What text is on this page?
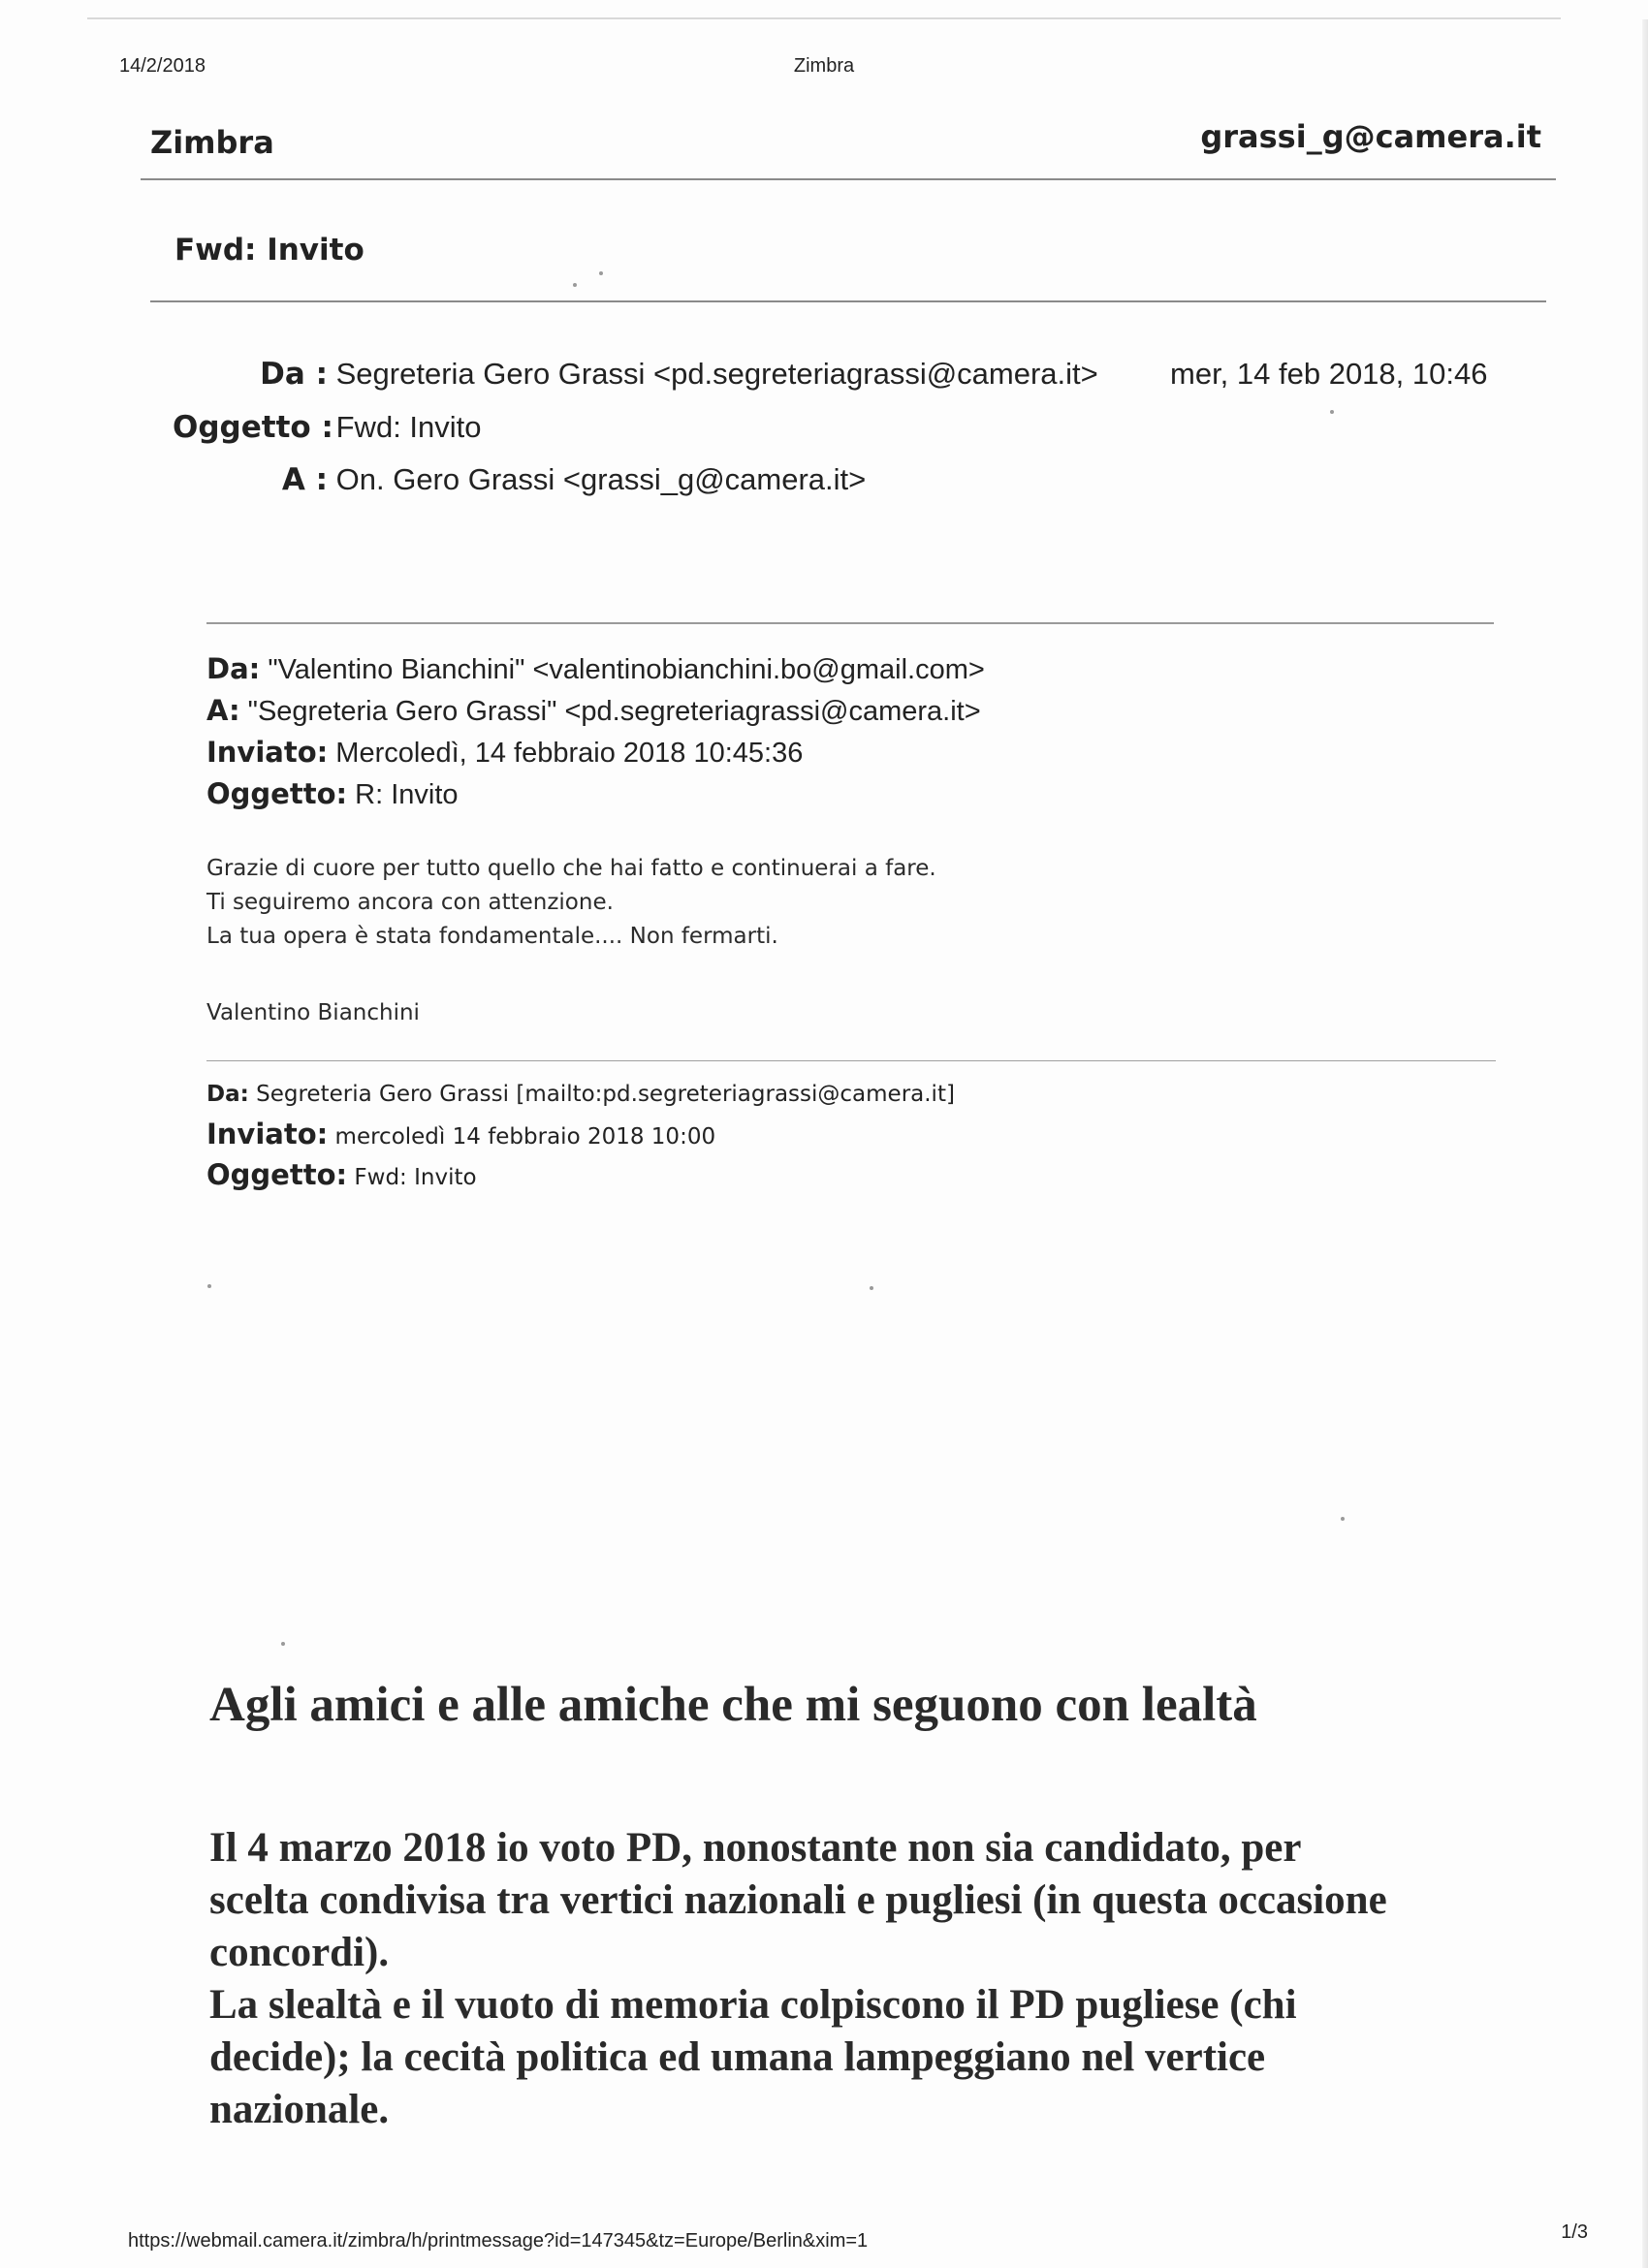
14/2/2018	Zimbra
Zimbra	grassi_g@camera.it
Fwd: Invito
Da : Segreteria Gero Grassi <pd.segreteriagrassi@camera.it> mer, 14 feb 2018, 10:46
Oggetto : Fwd: Invito
A : On. Gero Grassi <grassi_g@camera.it>
Da: "Valentino Bianchini" <valentinobianchini.bo@gmail.com>
A: "Segreteria Gero Grassi" <pd.segreteriagrassi@camera.it>
Inviato: Mercoledì, 14 febbraio 2018 10:45:36
Oggetto: R: Invito
Grazie di cuore per tutto quello che hai fatto e continuerai a fare.
Ti seguiremo ancora con attenzione.
La tua opera è stata fondamentale.... Non fermarti.
Valentino Bianchini
Da: Segreteria Gero Grassi [mailto:pd.segreteriagrassi@camera.it]
Inviato: mercoledì 14 febbraio 2018 10:00
Oggetto: Fwd: Invito
Agli amici e alle amiche che mi seguono con lealtà
Il 4 marzo 2018 io voto PD, nonostante non sia candidato, per
scelta condivisa tra vertici nazionali e pugliesi (in questa occasione
concordi).
La slealtà e il vuoto di memoria colpiscono il PD pugliese (chi
decide); la cecità politica ed umana lampeggiano nel vertice
nazionale.
https://webmail.camera.it/zimbra/h/printmessage?id=147345&tz=Europe/Berlin&xim=1	1/3
